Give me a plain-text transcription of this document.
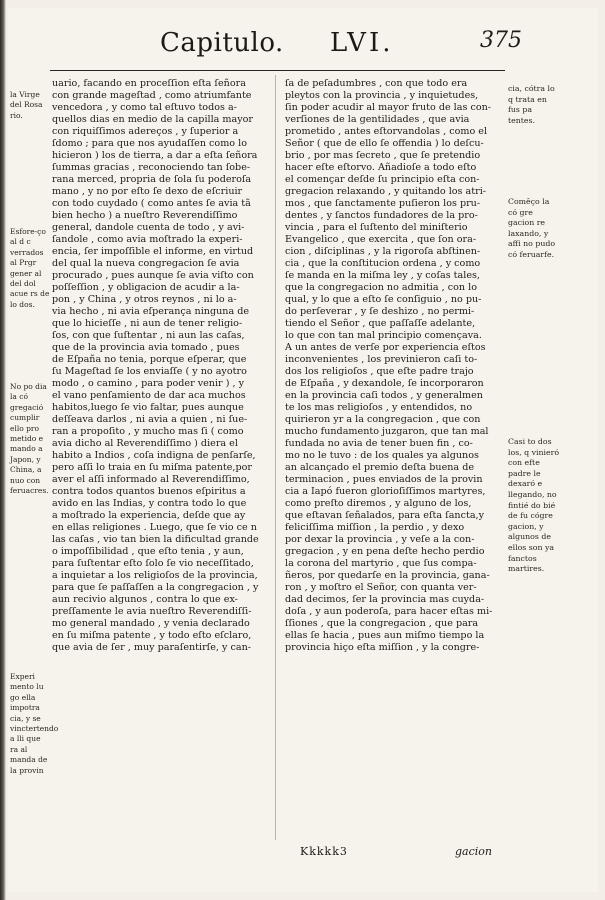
Capitulo. LVI.	375
la Virge del Rosa rio.
Esfore-ço al d c verrados al Prgr gener al del dol acue rs de lo dos.
No po dia la có gregació cumplir ello pro metido e mando a Japon, y China, a nuo con feruacres.
Experi mento lu go ella impotra cia, y se vinctertendo a lli que ra al manda de la provin
cia, cótra lo q trata en fus pa tentes.
Comêço la có gre gacion re laxando, y affi no pudo có feruarfe.
Casi to dos los, q vinieró con efte padre le dexaró e llegando, no fintié do bié de fu cógre gacion, y algunos de ellos son ya fanctos martires.
uario, facando en proceſſion eſta ſeñora
con grande mageſtad , como atriumfante
vencedora , y como tal eſtuvo todos a-
quellos dias en medio de la capilla mayor
con riquiſſimos adereços , y ſuperior a
ſdomo ; para que nos ayudaſſen como lo
hicieron ) los de tierra, a dar a eſta ſeñora
ſummas gracias , reconociendo tan ſobe-
rana merced, propria de ſola ſu poderoſa
mano , y no por eſto ſe dexo de eſcriuir
con todo cuydado ( como antes ſe avia tã
bien hecho ) a nueſtro Reverendiſſimo
general, dandole cuenta de todo , y avi-
ſandole , como avia moſtrado la experi-
encia, ſer impoſſible el informe, en virtud
del qual la nueva congregacion ſe avia
procurado , pues aunque ſe avia viſto con
poſſeſſion , y obligacion de acudir a la-
pon , y China , y otros reynos , ni lo a-
via hecho , ni avia eſperança ninguna de
que lo hicieſſe , ni aun de tener religio-
ſos, con que ſuſtentar , ni aun las caſas,
que de la provincia avia tomado , pues
de Eſpaña no tenia, porque eſperar, que
ſu Mageſtad ſe los enviaſſe ( y no ayotro
modo , o camino , para poder venir ) , y
el vano penſamiento de dar aca muchos
habitos,luego ſe vio faltar, pues aunque
deſſeava darlos , ni avia a quien , ni ſue-
ran a propoſito , y mucho mas ſi ( como
avia dicho al Reverendiſſimo ) diera el
habito a Indios , coſa indigna de penſarſe,
pero aſſi lo traia en ſu miſma patente,por
aver el aſſi informado al Reverendiſſimo,
contra todos quantos buenos eſpiritus a
avido en las Indias, y contra todo lo que
a moſtrado la experiencia, deſde que ay
en ellas religiones . Luego, que ſe vio ce n
las caſas , vio tan bien la dificultad grande
o impoſſibilidad , que eſto tenia , y aun,
para ſuſtentar eſto ſolo ſe vio neceſſitado,
a inquietar a los religioſos de la provincia,
para que ſe paſſaſſen a la congregacion , y
aun recivio algunos , contra lo que ex-
preſſamente le avia nueſtro Reverendiſſi-
mo general mandado , y venia declarado
en ſu miſma patente , y todo eſto eſclaro,
que avia de ſer , muy paraſentirſe, y can-
ſa de peſadumbres , con que todo era
pleytos con la provincia , y inquietudes,
ſin poder acudir al mayor fruto de las con-
verſiones de la gentilidades , que avia
prometido , antes eſtorvandolas , como el
Señor ( que de ello ſe offendia ) lo deſcu-
brio , por mas ſecreto , que ſe pretendio
hacer eſte eſtorvo. Añadioſe a todo eſto
el començar deſde ſu principio eſta con-
gregacion relaxando , y quitando los atri-
mos , que ſanctamente puſieron los pru-
dentes , y ſanctos fundadores de la pro-
vincia , para el ſuſtento del miniſterio
Evangelico , que exercita , que ſon ora-
cion , diſciplinas , y la rigoroſa abſtinen-
cia , que la conſtitucion ordena , y como
ſe manda en la miſma ley , y coſas tales,
que la congregacion no admitia , con lo
qual, y lo que a eſto ſe conſiguio , no pu-
do perſeverar , y ſe deshizo , no permi-
tiendo el Señor , que paſſaſſe adelante,
lo que con tan mal principio començava.
A un antes de verſe por experiencia eſtos
inconvenientes , los previnieron caſi to-
dos los religioſos , que eſte padre trajo
de Eſpaña , y dexandole, ſe incorporaron
en la provincia caſi todos , y generalmen
te los mas religioſos , y entendidos, no
quirieron yr a la congregacion , que con
mucho fundamento juzgaron, que tan mal
fundada no avia de tener buen fin , co-
mo no le tuvo : de los quales ya algunos
an alcançado el premio deſta buena de
terminacion , pues enviados de la provin
cia a Iapó fueron glorioſiſſimos martyres,
como preſto diremos , y alguno de los,
que eſtavan ſeñalados, para eſta ſancta,y
feliciſſima miſſion , la perdio , y dexo
por dexar la provincia , y veſe a la con-
gregacion , y en pena deſte hecho perdio
la corona del martyrio , que ſus compa-
ñeros, por quedarſe en la provincia, gana-
ron , y moſtro el Señor, con quanta ver-
dad decimos, ſer la provincia mas cuyda-
doſa , y aun poderoſa, para hacer eſtas mi-
ſſiones , que la congregacion , que para
ellas ſe hacia , pues aun miſmo tiempo la
provincia hiço eſta miſſion , y la congre-
Kkkkk3	gacion
